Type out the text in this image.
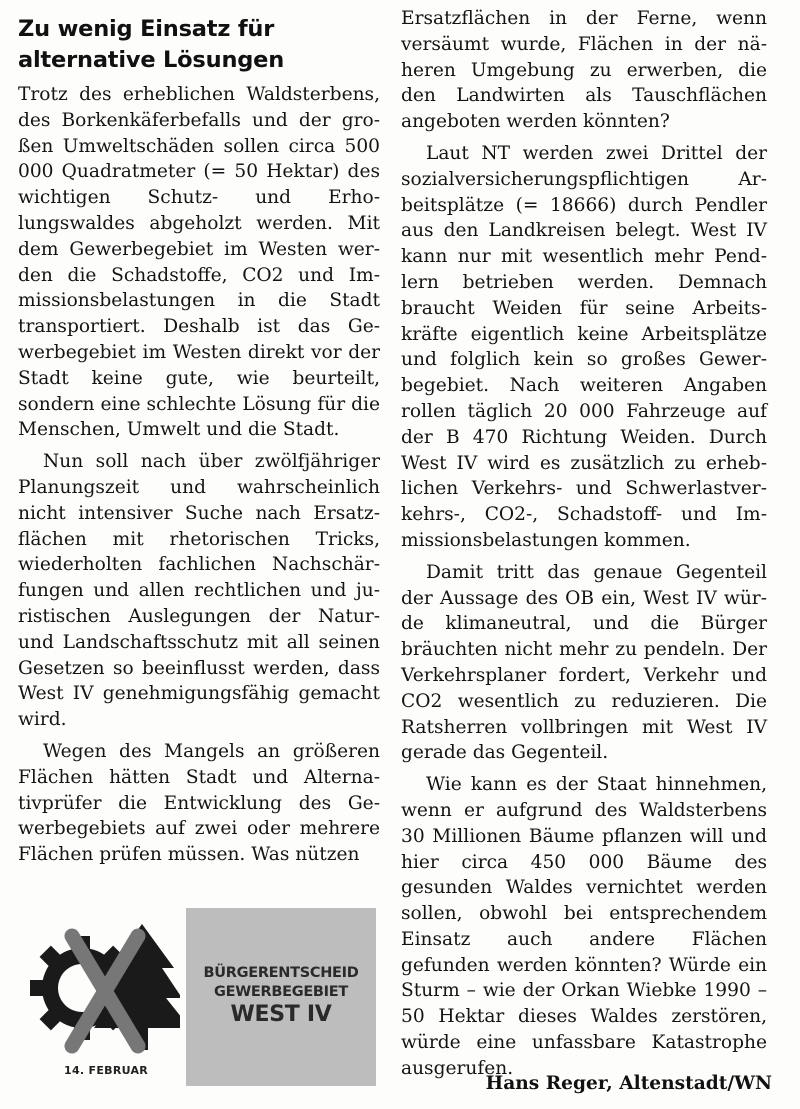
Zu wenig Einsatz für
alternative Lösungen

Trotz des erheblichen Waldsterbens, des Borkenkäferbefalls und der großen Umweltschäden sollen circa 500 000 Quadratmeter (= 50 Hektar) des wichtigen Schutz- und Erholungswaldes abgeholzt werden. Mit dem Gewerbegebiet im Westen werden die Schadstoffe, CO2 und Immissionsbelastungen in die Stadt transportiert. Deshalb ist das Gewerbegebiet im Westen direkt vor der Stadt keine gute, wie beurteilt, sondern eine schlechte Lösung für die Menschen, Umwelt und die Stadt.

Nun soll nach über zwölfjähriger Planungszeit und wahrscheinlich nicht intensiver Suche nach Ersatzflächen mit rhetorischen Tricks, wiederholten fachlichen Nachschärfungen und allen rechtlichen und juristischen Auslegungen der Natur- und Landschaftsschutz mit all seinen Gesetzen so beeinflusst werden, dass West IV genehmigungsfähig gemacht wird.

Wegen des Mangels an größeren Flächen hätten Stadt und Alternativprüfer die Entwicklung des Gewerbegebiets auf zwei oder mehrere Flächen prüfen müssen. Was nützen

Ersatzflächen in der Ferne, wenn versäumt wurde, Flächen in der näheren Umgebung zu erwerben, die den Landwirten als Tauschflächen angeboten werden könnten?

Laut NT werden zwei Drittel der sozialversicherungspflichtigen Arbeitsplätze (= 18666) durch Pendler aus den Landkreisen belegt. West IV kann nur mit wesentlich mehr Pendlern betrieben werden. Demnach braucht Weiden für seine Arbeitskräfte eigentlich keine Arbeitsplätze und folglich kein so großes Gewerbegebiet. Nach weiteren Angaben rollen täglich 20 000 Fahrzeuge auf der B 470 Richtung Weiden. Durch West IV wird es zusätzlich zu erheblichen Verkehrs- und Schwerlastverkehrs-, CO2-, Schadstoff- und Immissionsbelastungen kommen.

Damit tritt das genaue Gegenteil der Aussage des OB ein, West IV würde klimaneutral, und die Bürger bräuchten nicht mehr zu pendeln. Der Verkehrsplaner fordert, Verkehr und CO2 wesentlich zu reduzieren. Die Ratsherren vollbringen mit West IV gerade das Gegenteil.

Wie kann es der Staat hinnehmen, wenn er aufgrund des Waldsterbens 30 Millionen Bäume pflanzen will und hier circa 450 000 Bäume des gesunden Waldes vernichtet werden sollen, obwohl bei entsprechendem Einsatz auch andere Flächen gefunden werden könnten? Würde ein Sturm – wie der Orkan Wiebke 1990 – 50 Hektar dieses Waldes zerstören, würde eine unfassbare Katastrophe ausgerufen.

14. FEBRUAR
BÜRGERENTSCHEID
GEWERBEGEBIET
WEST IV
Hans Reger, Altenstadt/WN
